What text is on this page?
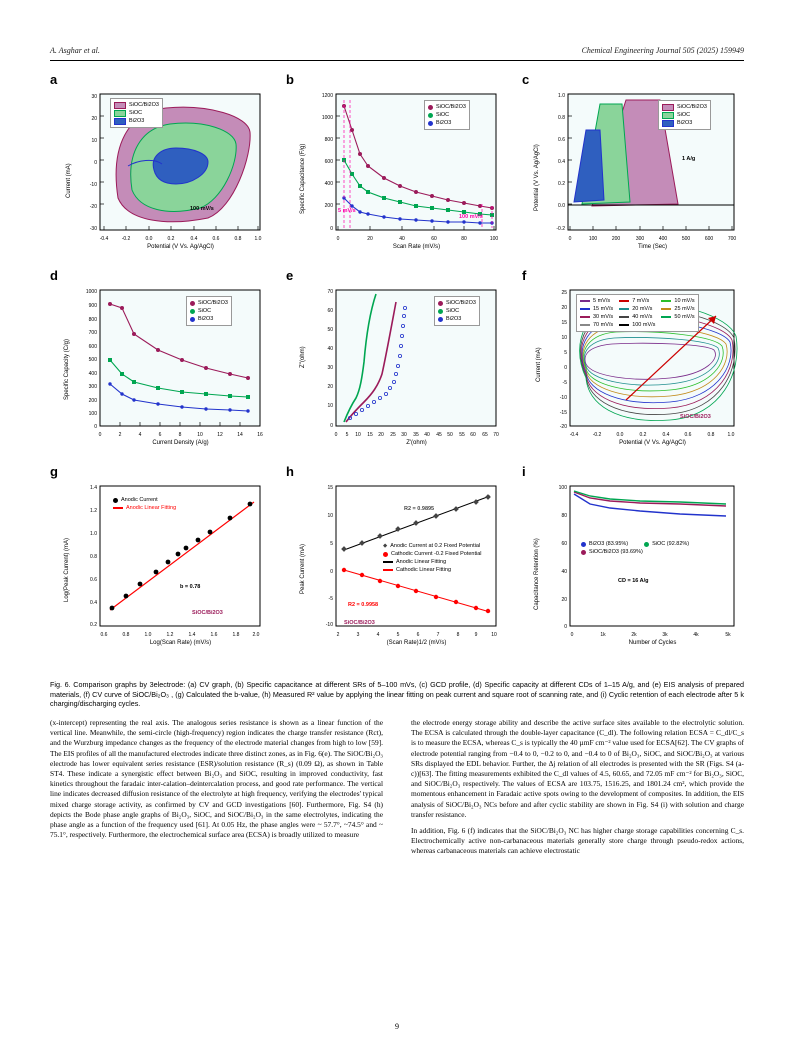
A. Asghar et al.	Chemical Engineering Journal 505 (2025) 159949
a
30
20
10
0
-10
-20
-30
-0.4	-0.2	0.0	0.2	0.4	0.6	0.8	1.0
Current (mA)
Potential (V Vs. Ag/AgCl)
SiOC/Bi2O3
SiOC
Bi2O3
100 mV/s
b
1200
1000
800
600
400
200
0
0	20	40	60	80	100
Specific Capacitance (F/g)
Scan Rate (mV/s)
SiOC/Bi2O3
SiOC
Bi2O3
5 mV/s
100 mV/s
c
1.0
0.8
0.6
0.4
0.2
0.0
-0.2
0	100	200	300	400	500	600	700
Potential (V Vs. Ag/AgCl)
Time (Sec)
SiOC/Bi2O3
SiOC
Bi2O3
1 A/g
d
1000
900
800
700
600
500
400
300
200
100
0
0	2	4	6	8	10	12	14	16
Specific Capacity (C/g)
Current Density (A/g)
SiOC/Bi2O3
SiOC
Bi2O3
e
70
60
50
40
30
20
10
0
0 5 10 15 20 25 30 35 40 45 50 55 60 65 70
Z''(ohm)
Z'(ohm)
SiOC/Bi2O3
SiOC
Bi2O3
f
25
20
15
10
5
0
-5
-10
-15
-20
-0.4	-0.2	0.0	0.2	0.4	0.6	0.8	1.0
Current (mA)
Potential (V Vs. Ag/AgCl)
5 mV/s	7 mV/s	10 mV/s
15 mV/s	20 mV/s	25 mV/s
30 mV/s	40 mV/s	50 mV/s
70 mV/s	100 mV/s
SiOC/Bi2O3
g
1.4
1.2
1.0
0.8
0.6
0.4
0.2
0.6	0.8	1.0	1.2	1.4	1.6	1.8	2.0
Log(Peak Current) (mA)
Log(Scan Rate) (mV/s)
Anodic Current
Anodic Linear Fitting
b = 0.78
SiOC/Bi2O3
h
15
10
5
0
-5
-10
2	3	4	5	6	7	8	9	10
Peak Current (mA)
(Scan Rate)1/2 (mV/s)
◆ Anodic Current at 0.2 Fixed Potential
Cathodic Current -0.2 Fixed Potential
Anodic Linear Fitting
Cathodic Linear Fitting
R2 = 0.9895
R2 = 0.9958
SiOC/Bi2O3
i
100
80
60
40
20
0
0	1k	2k	3k	4k	5k
Capacitance Retention (%)
Number of Cycles
Bi2O3 (83.95%)	SiOC (92.82%)
SiOC/Bi2O3 (93.69%)
CD = 16 A/g
Fig. 6. Comparison graphs by 3electrode: (a) CV graph, (b) Specific capacitance at different SRs of 5–100 mVs, (c) GCD profile, (d) Specific capacity at different CDs of 1–15 A/g, and (e) EIS analysis of prepared materials, (f) CV curve of SiOC/Bi₂O₃ , (g) Calculated the b-value, (h) Measured R² value by applying the linear fitting on peak current and square root of scanning rate, and (i) Cyclic retention of each electrode after 5 k charging/discharging cycles.

(x-intercept) representing the real axis. The analogous series resistance is shown as a linear function of the vertical line. Meanwhile, the semi-circle (high-frequency) region indicates the charge transfer resistance (Rct), and the Wurzburg impedance changes as the frequency of the electrode material changes from high to low [59]. The EIS profiles of all the manufactured electrodes indicate three distinct zones, as in Fig. 6(e). The SiOC/Bi₂O₃ electrode has lower equivalent series resistance (ESR)/solution resistance (R_s) (0.09 Ω), as shown in Table ST4. These indicate a synergistic effect between Bi₂O₃ and SiOC, resulting in improved conductivity, fast kinetics throughout the faradaic inter-calation–deintercalation process, and good rate performance. The vertical line indicates decreased diffusion resistance of the electrolyte at high frequency, verifying the electrodes' typical mixed charge storage activity, as confirmed by CV and GCD investigations [60]. Furthermore, Fig. S4 (h) depicts the Bode phase angle graphs of Bi₂O₃, SiOC, and SiOC/Bi₂O₃ in the same electrolytes, indicating the phase angle as a function of the frequency used [61]. At 0.05 Hz, the phase angles were ~ 57.7°, ~74.5° and ~ 75.1°, respectively. Furthermore, the electrochemical surface area (ECSA) is broadly utilized to measure

the electrode energy storage ability and describe the active surface sites available to the electrolytic solution. The ECSA is calculated through the double-layer capacitance (C_dl). The following relation ECSA = C_dl/C_s is to measure the ECSA, whereas C_s is typically the 40 µmF cm⁻² value used for ECSA[62]. The CV graphs of electrode potential ranging from −0.4 to 0, −0.2 to 0, and −0.4 to 0 of Bi₂O₃, SiOC, and SiOC/Bi₂O₃ at various SRs displayed the EDL behavior. Further, the Δj relation of all electrodes is presented with the SR (Figs. S4 (a-c))[63]. The fitting measurements exhibited the C_dl values of 4.5, 60.65, and 72.05 mF cm⁻² for Bi₂O₃, SiOC, and SiOC/Bi₂O₃ respectively. The values of ECSA are 103.75, 1516.25, and 1801.24 cm², which provide the momentous enhancement in Faradaic active spots owing to the development of composites. In addition, the EIS analysis of SiOC/Bi₂O₃ NCs before and after cyclic stability are shown in Fig. S4 (i) with solution and charge transfer resistance.

In addition, Fig. 6 (f) indicates that the SiOC/Bi₂O₃ NC has higher charge storage capabilities concerning C_s. Electrochemically active non-carbanaceous materials generally store charge through pseudo-redox actions, whereas carbanaceous materials can achieve electrostatic

9
